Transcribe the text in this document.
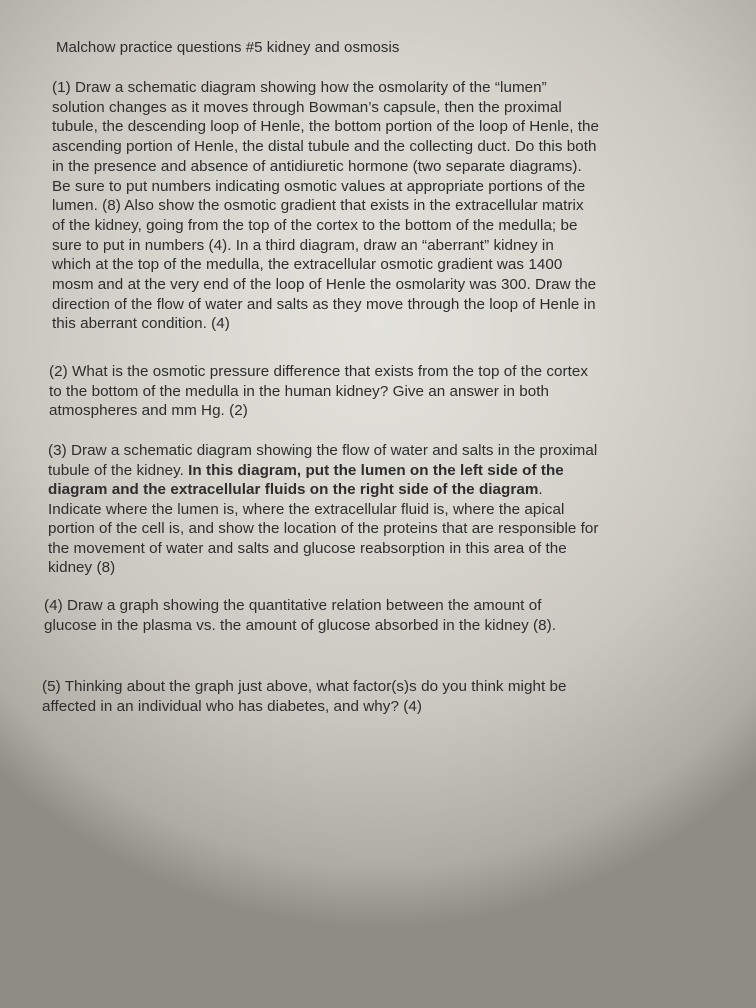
Malchow practice questions #5 kidney and osmosis

(1) Draw a schematic diagram showing how the osmolarity of the “lumen”
solution changes as it moves through Bowman’s capsule, then the proximal
tubule, the descending loop of Henle, the bottom portion of the loop of Henle, the
ascending portion of Henle, the distal tubule and the collecting duct. Do this both
in the presence and absence of antidiuretic hormone (two separate diagrams).
Be sure to put numbers indicating osmotic values at appropriate portions of the
lumen. (8) Also show the osmotic gradient that exists in the extracellular matrix
of the kidney, going from the top of the cortex to the bottom of the medulla; be
sure to put in numbers (4). In a third diagram, draw an “aberrant” kidney in
which at the top of the medulla, the extracellular osmotic gradient was 1400
mosm and at the very end of the loop of Henle the osmolarity was 300. Draw the
direction of the flow of water and salts as they move through the loop of Henle in
this aberrant condition. (4)

(2) What is the osmotic pressure difference that exists from the top of the cortex
to the bottom of the medulla in the human kidney? Give an answer in both
atmospheres and mm Hg. (2)

(3) Draw a schematic diagram showing the flow of water and salts in the proximal
tubule of the kidney. In this diagram, put the lumen on the left side of the
diagram and the extracellular fluids on the right side of the diagram.
Indicate where the lumen is, where the extracellular fluid is, where the apical
portion of the cell is, and show the location of the proteins that are responsible for
the movement of water and salts and glucose reabsorption in this area of the
kidney (8)

(4) Draw a graph showing the quantitative relation between the amount of
glucose in the plasma vs. the amount of glucose absorbed in the kidney (8).

(5) Thinking about the graph just above, what factor(s)s do you think might be
affected in an individual who has diabetes, and why? (4)
